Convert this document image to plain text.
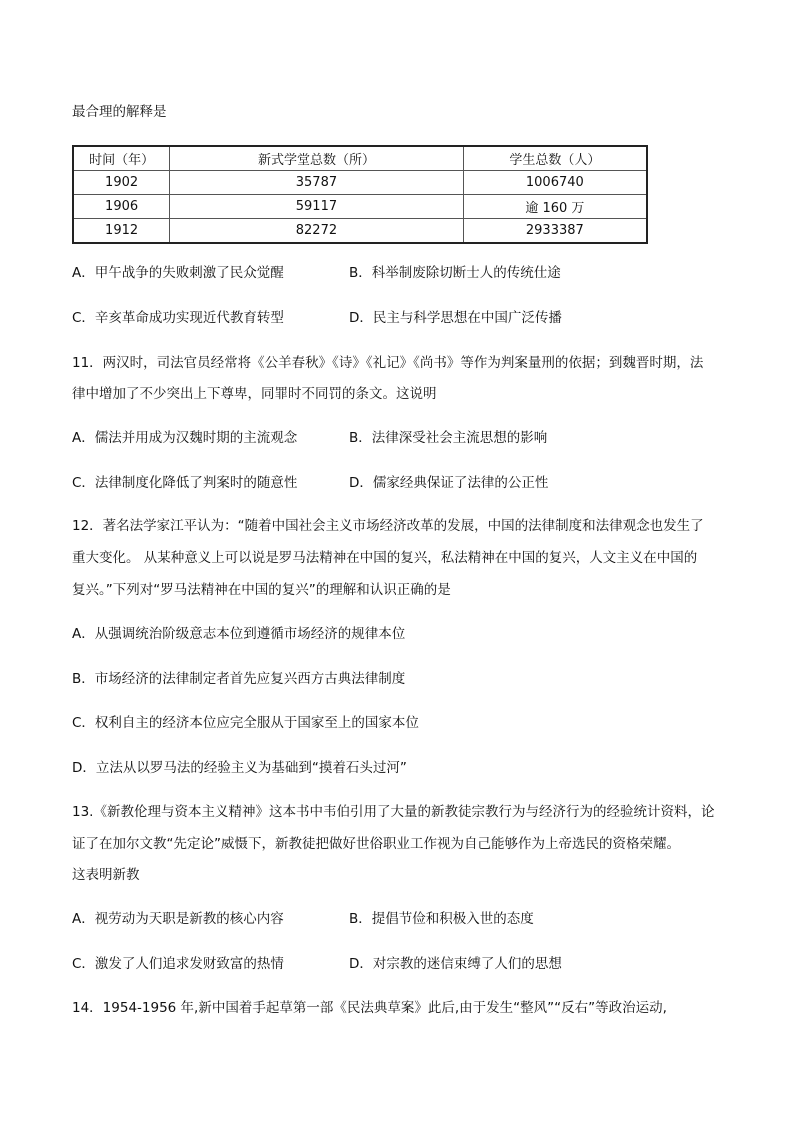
最合理的解释是
时间（年）	新式学堂总数（所）	学生总数（人）
1902	35787	1006740
1906	59117	逾 160 万
1912	82272	2933387
A．甲午战争的失败刺激了民众觉醒	B．科举制废除切断士人的传统仕途
C．辛亥革命成功实现近代教育转型	D．民主与科学思想在中国广泛传播
11．两汉时，司法官员经常将《公羊春秋》《诗》《礼记》《尚书》等作为判案量刑的依据；到魏晋时期，法
律中增加了不少突出上下尊卑，同罪时不同罚的条文。这说明
A．儒法并用成为汉魏时期的主流观念	B．法律深受社会主流思想的影响
C．法律制度化降低了判案时的随意性	D．儒家经典保证了法律的公正性
12．著名法学家江平认为：“随着中国社会主义市场经济改革的发展，中国的法律制度和法律观念也发生了
重大变化。 从某种意义上可以说是罗马法精神在中国的复兴，私法精神在中国的复兴，人文主义在中国的
复兴。”下列对“罗马法精神在中国的复兴”的理解和认识正确的是
A．从强调统治阶级意志本位到遵循市场经济的规律本位
B．市场经济的法律制定者首先应复兴西方古典法律制度
C．权利自主的经济本位应完全服从于国家至上的国家本位
D．立法从以罗马法的经验主义为基础到“摸着石头过河”
13.《新教伦理与资本主义精神》这本书中韦伯引用了大量的新教徒宗教行为与经济行为的经验统计资料，论
证了在加尔文教“先定论”威慑下，新教徒把做好世俗职业工作视为自己能够作为上帝选民的资格荣耀。
这表明新教
A．视劳动为天职是新教的核心内容	B．提倡节俭和积极入世的态度
C．激发了人们追求发财致富的热情	D．对宗教的迷信束缚了人们的思想
14．1954-1956 年,新中国着手起草第一部《民法典草案》此后,由于发生“整风”“反右”等政治运动,
